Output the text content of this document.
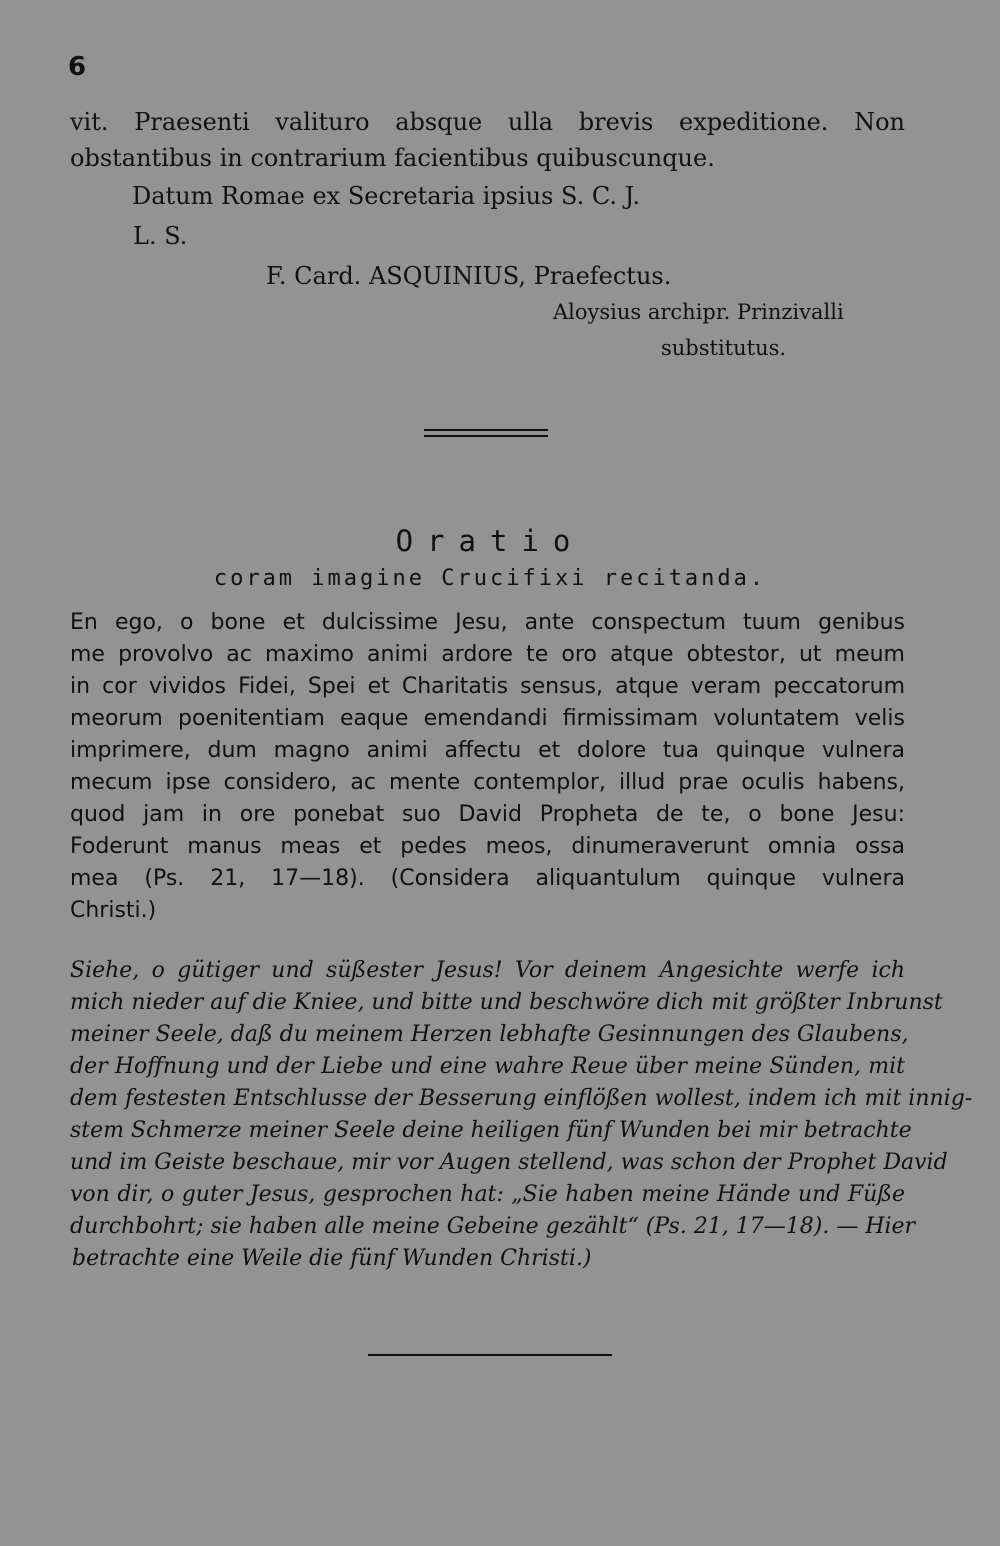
6
vit. Praesenti valituro absque ulla brevis expeditione. Non
obstantibus in contrarium facientibus quibuscunque.
Datum Romae ex Secretaria ipsius S. C. J.
L. S.
F. Card. ASQUINIUS, Praefectus.
Aloysius archipr. Prinzivalli
substitutus.
Oratio
coram imagine Crucifixi recitanda.
En ego, o bone et dulcissime Jesu, ante conspectum tuum genibus
me provolvo ac maximo animi ardore te oro atque obtestor, ut meum
in cor vividos Fidei, Spei et Charitatis sensus, atque veram peccatorum
meorum poenitentiam eaque emendandi firmissimam voluntatem velis
imprimere, dum magno animi affectu et dolore tua quinque vulnera
mecum ipse considero, ac mente contemplor, illud prae oculis habens,
quod jam in ore ponebat suo David Propheta de te, o bone Jesu:
Foderunt manus meas et pedes meos, dinumeraverunt omnia ossa
mea (Ps. 21, 17—18). (Considera aliquantulum quinque vulnera
Christi.)
Siehe, o gütiger und süßester Jesus! Vor deinem Angesichte werfe ich
mich nieder auf die Kniee, und bitte und beschwöre dich mit größter Inbrunst
meiner Seele, daß du meinem Herzen lebhafte Gesinnungen des Glaubens,
der Hoffnung und der Liebe und eine wahre Reue über meine Sünden, mit
dem festesten Entschlusse der Besserung einflößen wollest, indem ich mit innig-
stem Schmerze meiner Seele deine heiligen fünf Wunden bei mir betrachte
und im Geiste beschaue, mir vor Augen stellend, was schon der Prophet David
von dir, o guter Jesus, gesprochen hat: „Sie haben meine Hände und Füße
durchbohrt; sie haben alle meine Gebeine gezählt“ (Ps. 21, 17—18). — Hier
betrachte eine Weile die fünf Wunden Christi.)
